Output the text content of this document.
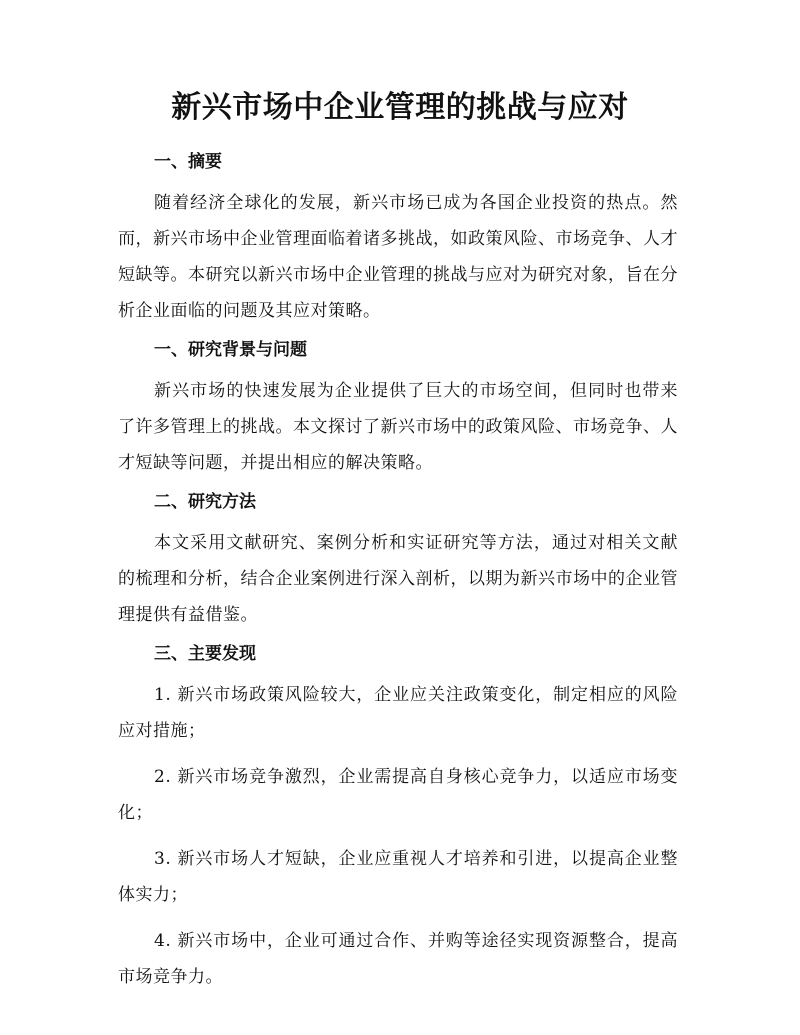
新兴市场中企业管理的挑战与应对
一、摘要

随着经济全球化的发展，新兴市场已成为各国企业投资的热点。然而，新兴市场中企业管理面临着诸多挑战，如政策风险、市场竞争、人才短缺等。本研究以新兴市场中企业管理的挑战与应对为研究对象，旨在分析企业面临的问题及其应对策略。

一、研究背景与问题

新兴市场的快速发展为企业提供了巨大的市场空间，但同时也带来了许多管理上的挑战。本文探讨了新兴市场中的政策风险、市场竞争、人才短缺等问题，并提出相应的解决策略。

二、研究方法

本文采用文献研究、案例分析和实证研究等方法，通过对相关文献的梳理和分析，结合企业案例进行深入剖析，以期为新兴市场中的企业管理提供有益借鉴。

三、主要发现

1. 新兴市场政策风险较大，企业应关注政策变化，制定相应的风险应对措施；

2. 新兴市场竞争激烈，企业需提高自身核心竞争力，以适应市场变化；

3. 新兴市场人才短缺，企业应重视人才培养和引进，以提高企业整体实力；

4. 新兴市场中，企业可通过合作、并购等途径实现资源整合，提高市场竞争力。
